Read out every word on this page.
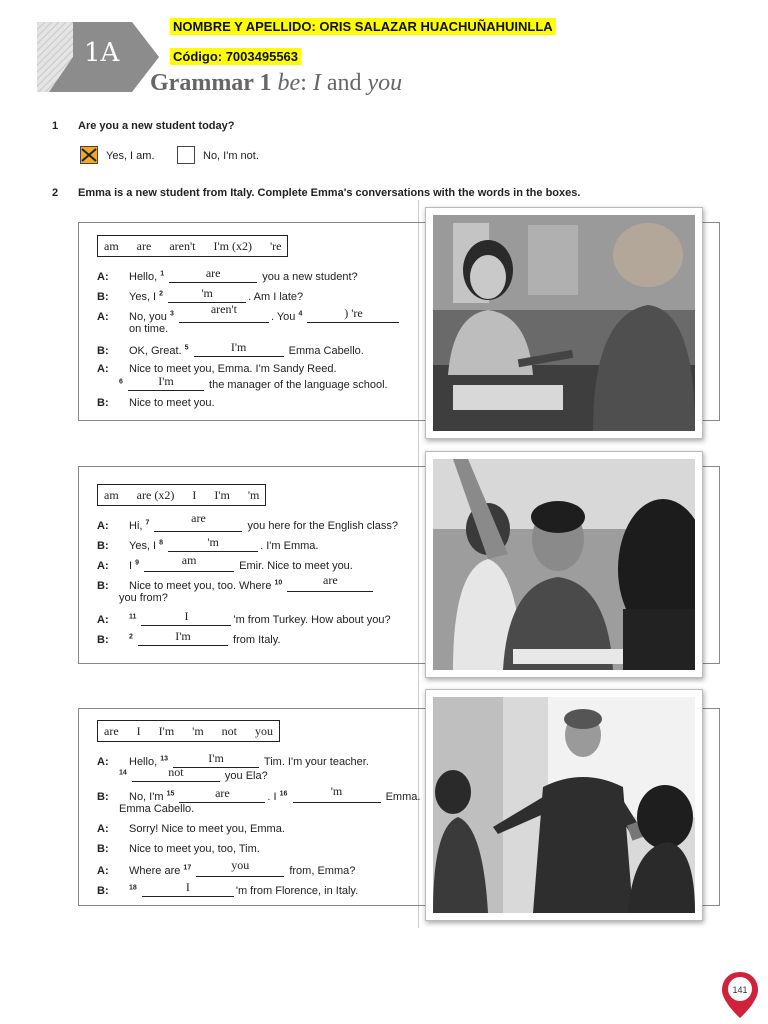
1A
NOMBRE Y APELLIDO: ORIS SALAZAR HUACHUÑAHUINLLA
Código: 7003495563
Grammar 1 be: I and you
1 Are you a new student today?
Yes, I am.	No, I'm not.
2 Emma is a new student from Italy. Complete Emma's conversations with the words in the boxes.
am are aren't I'm (x2) 're
A: Hello, $^1$	are	you a new student?
B: Yes, I $^2$	'm	. Am I late?
A: No, you $^3$	aren't
. You $^4$	) 're
on time.
B: OK, Great. $^5$	I'm	Emma Cabello.
A: Nice to meet you, Emma. I'm Sandy Reed.
$^6$	I'm	the manager of the language school.
B: Nice to meet you.
am are (x2) I I'm 'm
A: Hi, $^7$	are
you here for the English class?
B: Yes, I $^8$	'm	. I'm Emma.
A: I $^9$	am	Emir. Nice to meet you.
B: Nice to meet you, too. Where $^{10}$	are
you from?
A:	$^{11}$	I	'm from Turkey. How about you?
B:	$^2$	I'm	from Italy.
are I I'm 'm not you
A: Hello, $^{13}$	I'm	Tim. I'm your teacher.
$^{14}$	not	you Ela?
B: No, I'm $^{15}$	are	. I $^{16}$	'm	Emma.
Emma Cabello.
A: Sorry! Nice to meet you, Emma.
B: Nice to meet you, too, Tim.
A: Where are $^{17}$	you	from, Emma?
B:	$^{18}$	I	'm from Florence, in Italy.
141
